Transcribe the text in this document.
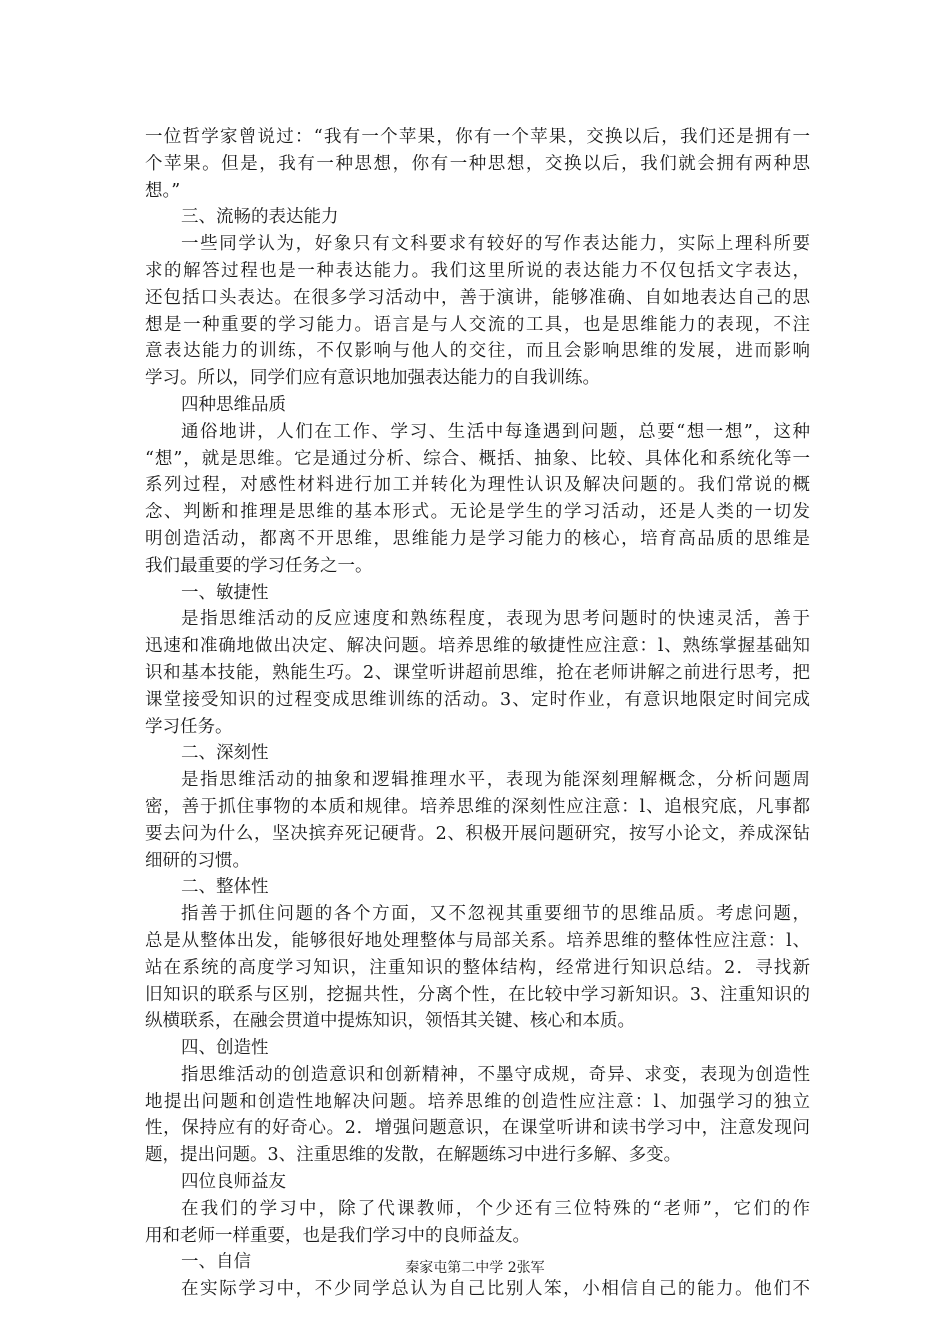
一位哲学家曾说过：“我有一个苹果，你有一个苹果，交换以后，我们还是拥有一
个苹果。但是，我有一种思想，你有一种思想，交换以后，我们就会拥有两种思
想。”
三、流畅的表达能力
一些同学认为，好象只有文科要求有较好的写作表达能力，实际上理科所要
求的解答过程也是一种表达能力。我们这里所说的表达能力不仅包括文字表达，
还包括口头表达。在很多学习活动中，善于演讲，能够准确、自如地表达自己的思
想是一种重要的学习能力。语言是与人交流的工具，也是思维能力的表现，不注
意表达能力的训练，不仅影响与他人的交往，而且会影响思维的发展，进而影响
学习。所以，同学们应有意识地加强表达能力的自我训练。
四种思维品质
通俗地讲，人们在工作、学习、生活中每逢遇到问题，总要“想一想”，这种
“想”，就是思维。它是通过分析、综合、概括、抽象、比较、具体化和系统化等一
系列过程，对感性材料进行加工并转化为理性认识及解决问题的。我们常说的概
念、判断和推理是思维的基本形式。无论是学生的学习活动，还是人类的一切发
明创造活动，都离不开思维，思维能力是学习能力的核心，培育高品质的思维是
我们最重要的学习任务之一。
一、敏捷性
是指思维活动的反应速度和熟练程度，表现为思考问题时的快速灵活，善于
迅速和准确地做出决定、解决问题。培养思维的敏捷性应注意：l、熟练掌握基础知
识和基本技能，熟能生巧。2、课堂听讲超前思维，抢在老师讲解之前进行思考，把
课堂接受知识的过程变成思维训练的活动。3、定时作业，有意识地限定时间完成
学习任务。
二、深刻性
是指思维活动的抽象和逻辑推理水平，表现为能深刻理解概念，分析问题周
密，善于抓住事物的本质和规律。培养思维的深刻性应注意：l、追根究底，凡事都
要去问为什么，坚决摈弃死记硬背。2、积极开展问题研究，按写小论文，养成深钻
细研的习惯。
二、整体性
指善于抓住问题的各个方面，又不忽视其重要细节的思维品质。考虑问题，
总是从整体出发，能够很好地处理整体与局部关系。培养思维的整体性应注意：l、
站在系统的高度学习知识，注重知识的整体结构，经常进行知识总结。2．寻找新
旧知识的联系与区别，挖掘共性，分离个性，在比较中学习新知识。3、注重知识的
纵横联系，在融会贯道中提炼知识，领悟其关键、核心和本质。
四、创造性
指思维活动的创造意识和创新精神，不墨守成规，奇异、求变，表现为创造性
地提出问题和创造性地解决问题。培养思维的创造性应注意：l、加强学习的独立
性，保持应有的好奇心。2．增强问题意识，在课堂听讲和读书学习中，注意发现问
题，提出问题。3、注重思维的发散，在解题练习中进行多解、多变。
四位良师益友
在我们的学习中，除了代课教师，个少还有三位特殊的“老师”，它们的作
用和老师一样重要，也是我们学习中的良师益友。
一、自信
在实际学习中，不少同学总认为自己比别人笨，小相信自己的能力。他们不
秦家屯第二中学 2张军
